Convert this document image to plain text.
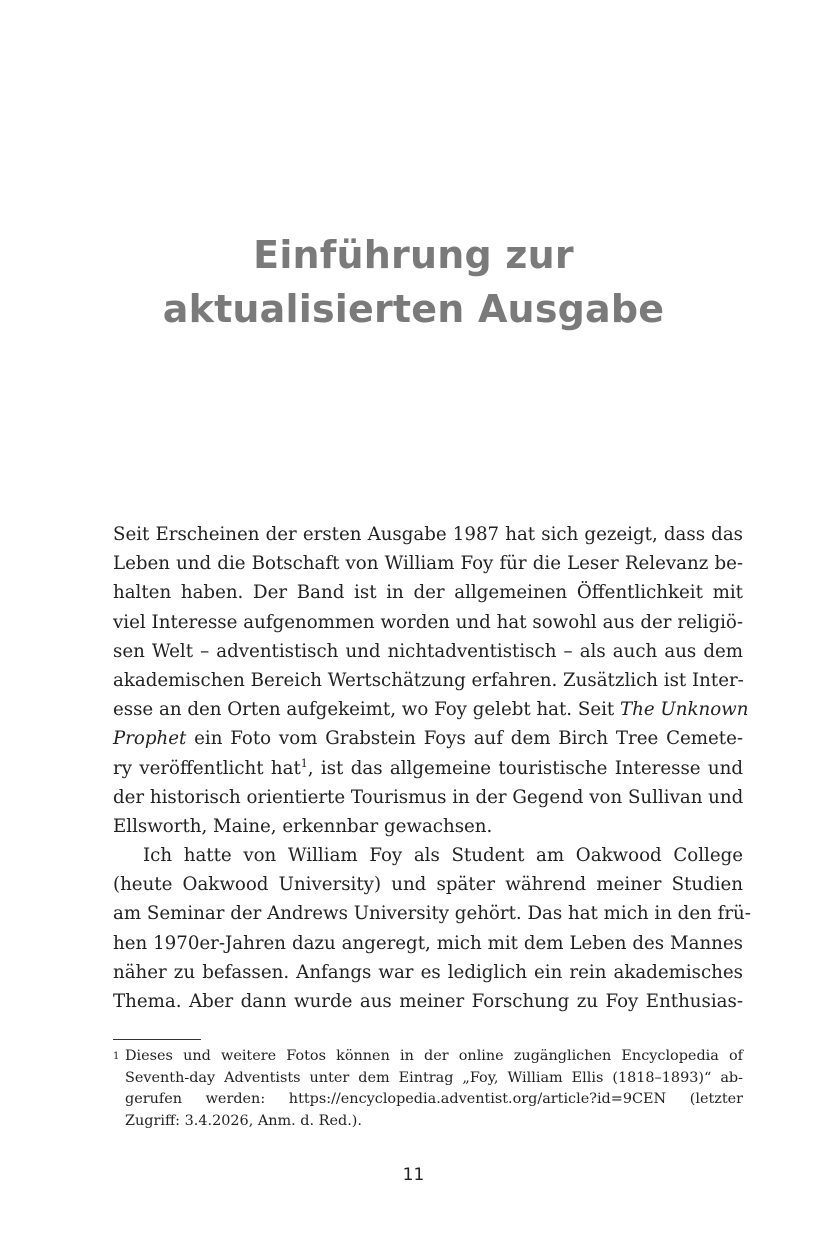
Einführung zur
aktualisierten Ausgabe
Seit Erscheinen der ersten Ausgabe 1987 hat sich gezeigt, dass das
Leben und die Botschaft von William Foy für die Leser Relevanz be-
halten haben. Der Band ist in der allgemeinen Öffentlichkeit mit
viel Interesse aufgenommen worden und hat sowohl aus der religiö-
sen Welt – adventistisch und nichtadventistisch – als auch aus dem
akademischen Bereich Wertschätzung erfahren. Zusätzlich ist Inter-
esse an den Orten aufgekeimt, wo Foy gelebt hat. Seit The Unknown
Prophet ein Foto vom Grabstein Foys auf dem Birch Tree Cemete-
ry veröffentlicht hat$^1$, ist das allgemeine touristische Interesse und
der historisch orientierte Tourismus in der Gegend von Sullivan und
Ellsworth, Maine, erkennbar gewachsen.
Ich hatte von William Foy als Student am Oakwood College
(heute Oakwood University) und später während meiner Studien
am Seminar der Andrews University gehört. Das hat mich in den frü-
hen 1970er-Jahren dazu angeregt, mich mit dem Leben des Mannes
näher zu befassen. Anfangs war es lediglich ein rein akademisches
Thema. Aber dann wurde aus meiner Forschung zu Foy Enthusias-
1 Dieses und weitere Fotos können in der online zugänglichen Encyclopedia of
Seventh-day Adventists unter dem Eintrag „Foy, William Ellis (1818–1893)“ ab-
gerufen werden: https://encyclopedia.adventist.org/article?id=9CEN (letzter
Zugriff: 3.4.2026, Anm. d. Red.).
11
